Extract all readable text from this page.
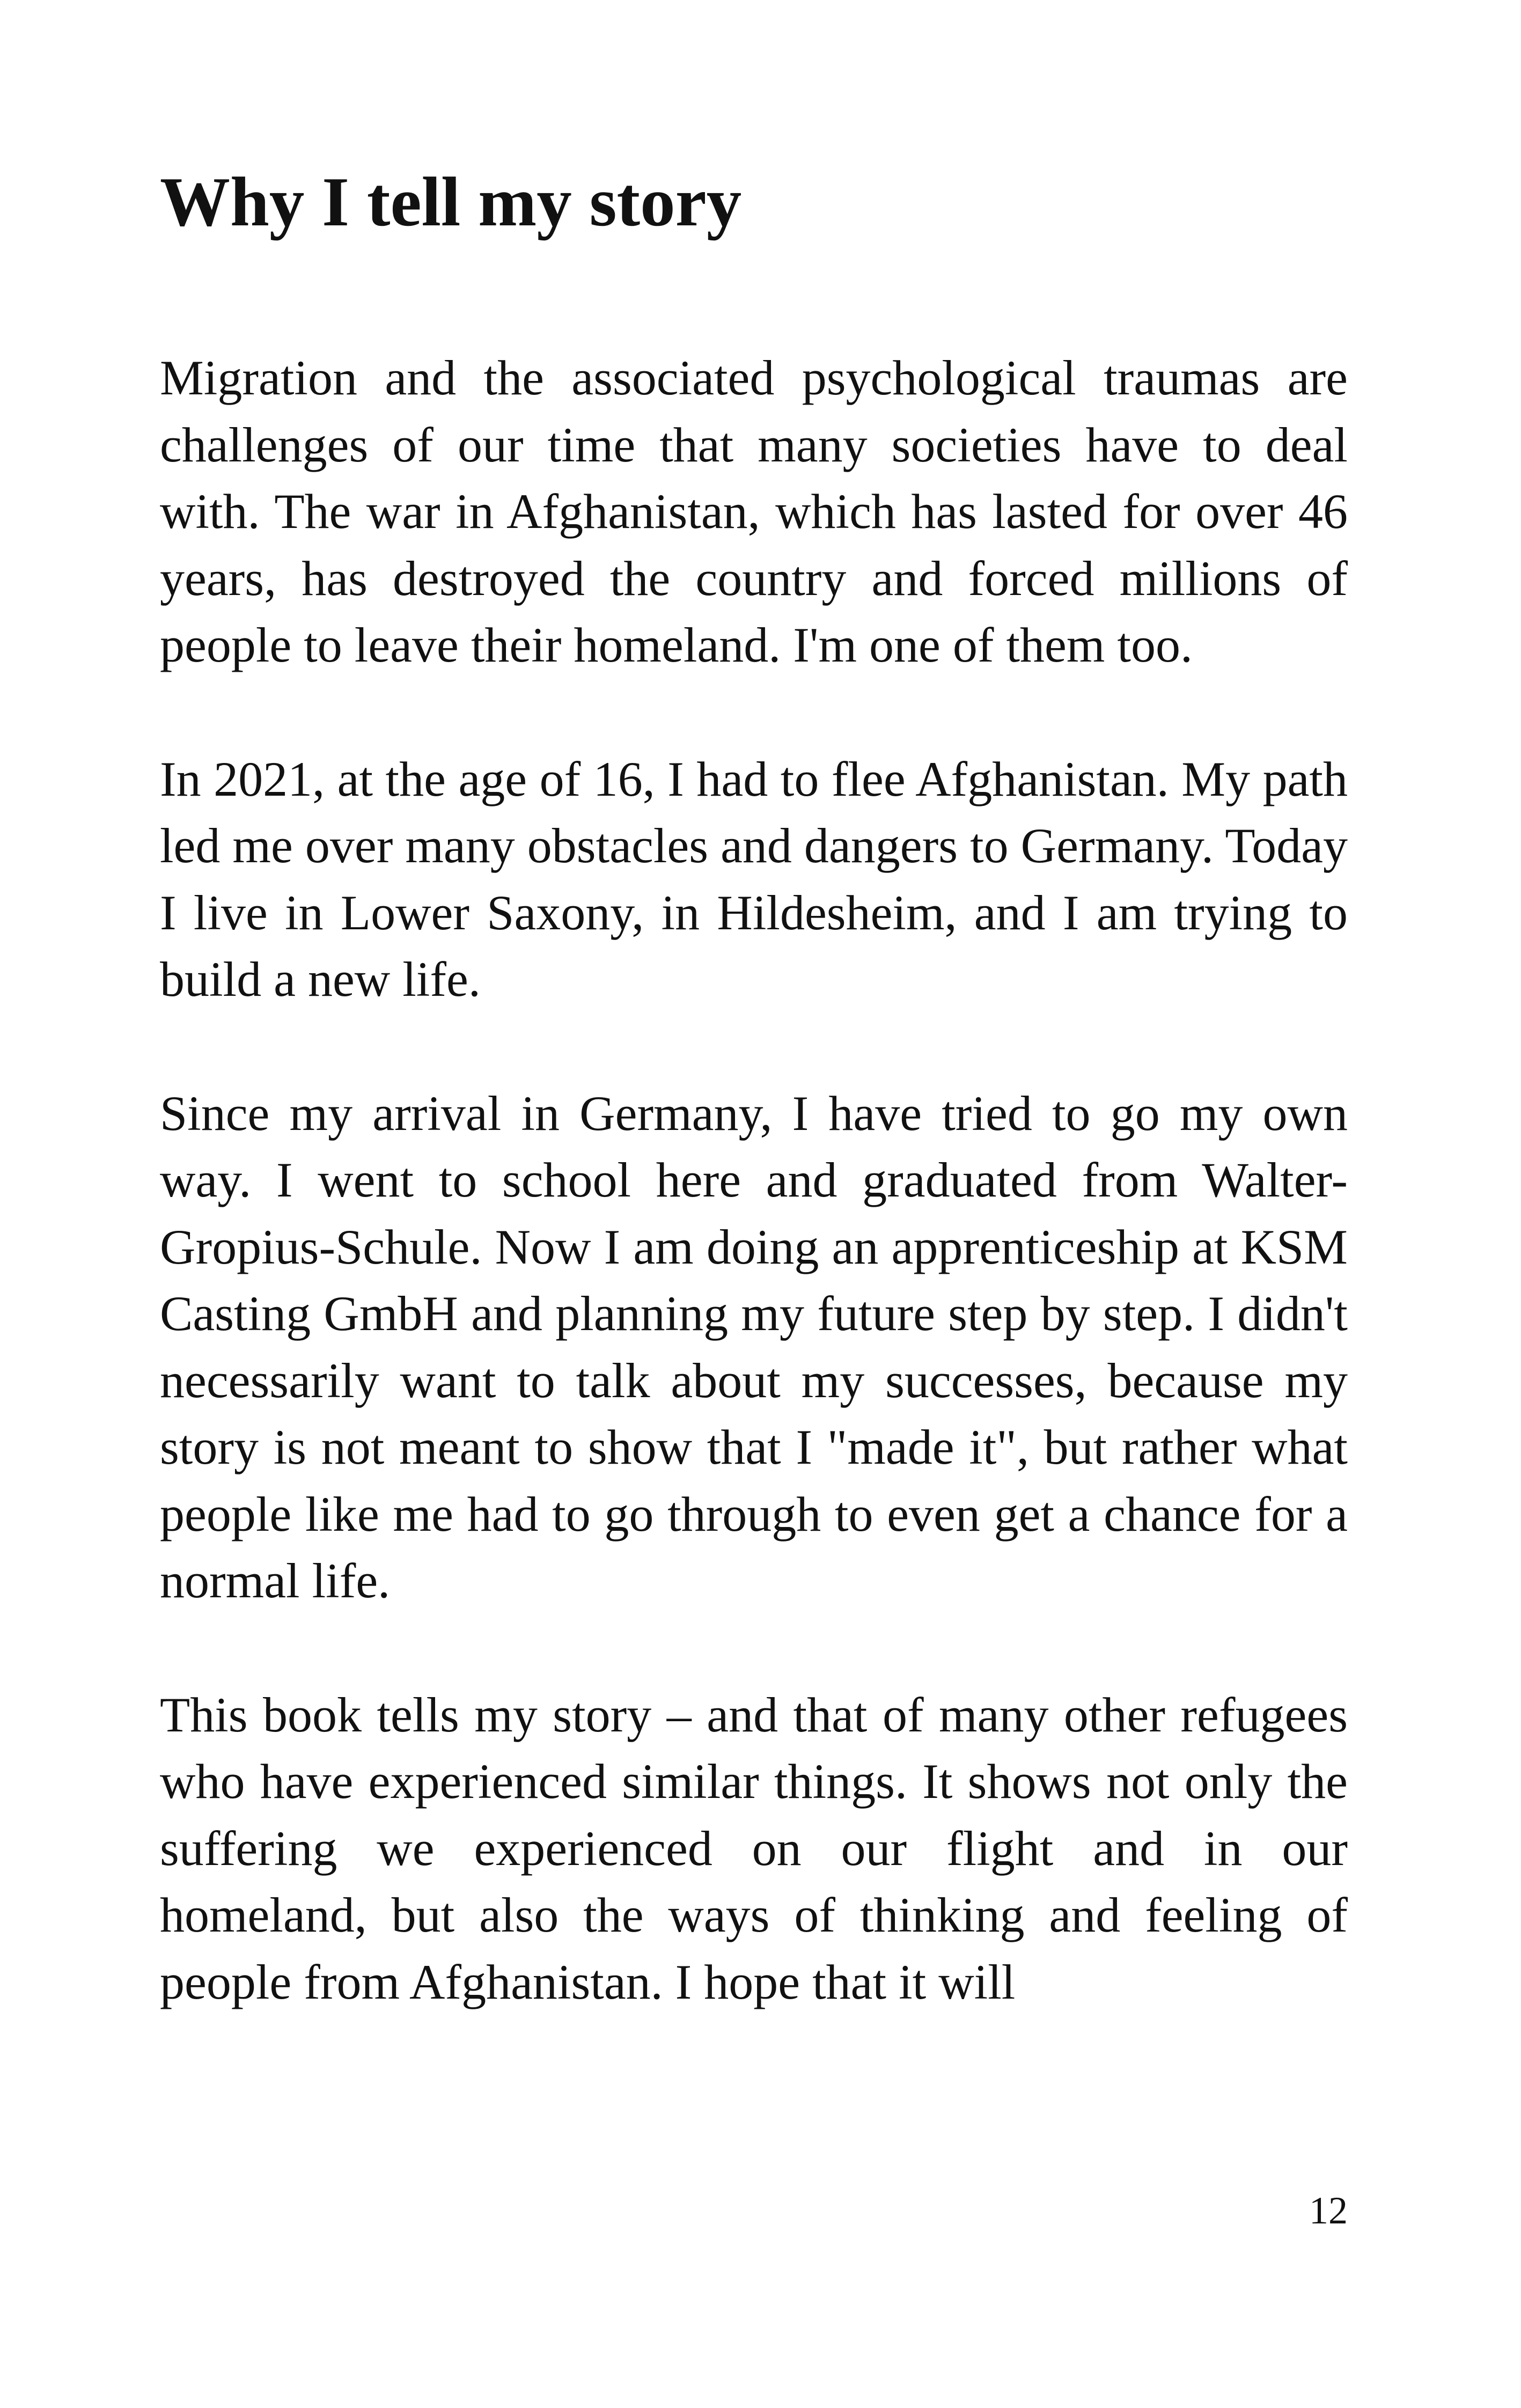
Why I tell my story

Migration and the associated psychological traumas are challenges of our time that many societies have to deal with. The war in Afghanistan, which has lasted for over 46 years, has destroyed the country and forced millions of people to leave their homeland. I'm one of them too.

In 2021, at the age of 16, I had to flee Afghanistan. My path led me over many obstacles and dangers to Germany. Today I live in Lower Saxony, in Hildesheim, and I am trying to build a new life.

Since my arrival in Germany, I have tried to go my own way. I went to school here and graduated from Walter-Gropius-Schule. Now I am doing an apprenticeship at KSM Casting GmbH and planning my future step by step. I didn't necessarily want to talk about my successes, because my story is not meant to show that I "made it", but rather what people like me had to go through to even get a chance for a normal life.

This book tells my story – and that of many other refugees who have experienced similar things. It shows not only the suffering we experienced on our flight and in our homeland, but also the ways of thinking and feeling of people from Afghanistan. I hope that it will

12
